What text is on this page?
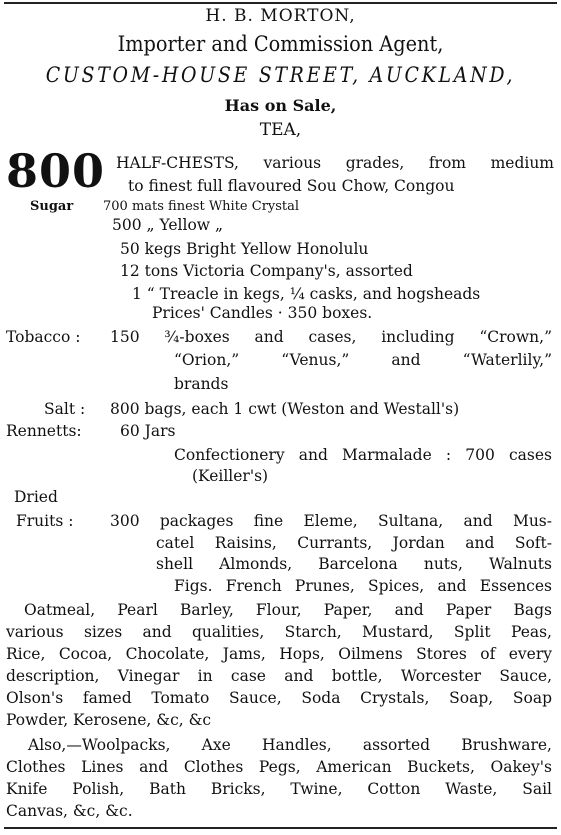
H. B. MORTON,
Importer and Commission Agent,
CUSTOM-HOUSE STREET, AUCKLAND,
Has on Sale,
TEA,
800 HALF-CHESTS, various grades, from medium
to finest full flavoured Sou Chow, Congou
Sugar 700 mats finest White Crystal
500 „ Yellow „
50 kegs Bright Yellow Honolulu
12 tons Victoria Company's, assorted
1 “ Treacle in kegs, ¼ casks, and hogsheads
Prices' Candles · 350 boxes.
Tobacco : 150 ¾-boxes and cases, including “Crown,”
“Orion,” “Venus,” and “Waterlily,”
brands
Salt : 800 bags, each 1 cwt (Weston and Westall's)
Rennetts: 60 Jars
Confectionery and Marmalade : 700 cases
(Keiller's)
Dried
Fruits : 300 packages fine Eleme, Sultana, and Mus-
catel Raisins, Currants, Jordan and Soft-
shell Almonds, Barcelona nuts, Walnuts
Figs. French Prunes, Spices, and Essences
Oatmeal, Pearl Barley, Flour, Paper, and Paper Bags
various sizes and qualities, Starch, Mustard, Split Peas,
Rice, Cocoa, Chocolate, Jams, Hops, Oilmens Stores of every
description, Vinegar in case and bottle, Worcester Sauce,
Olson's famed Tomato Sauce, Soda Crystals, Soap, Soap
Powder, Kerosene, &c, &c
Also,—Woolpacks, Axe Handles, assorted Brushware,
Clothes Lines and Clothes Pegs, American Buckets, Oakey's
Knife Polish, Bath Bricks, Twine, Cotton Waste, Sail
Canvas, &c, &c.
